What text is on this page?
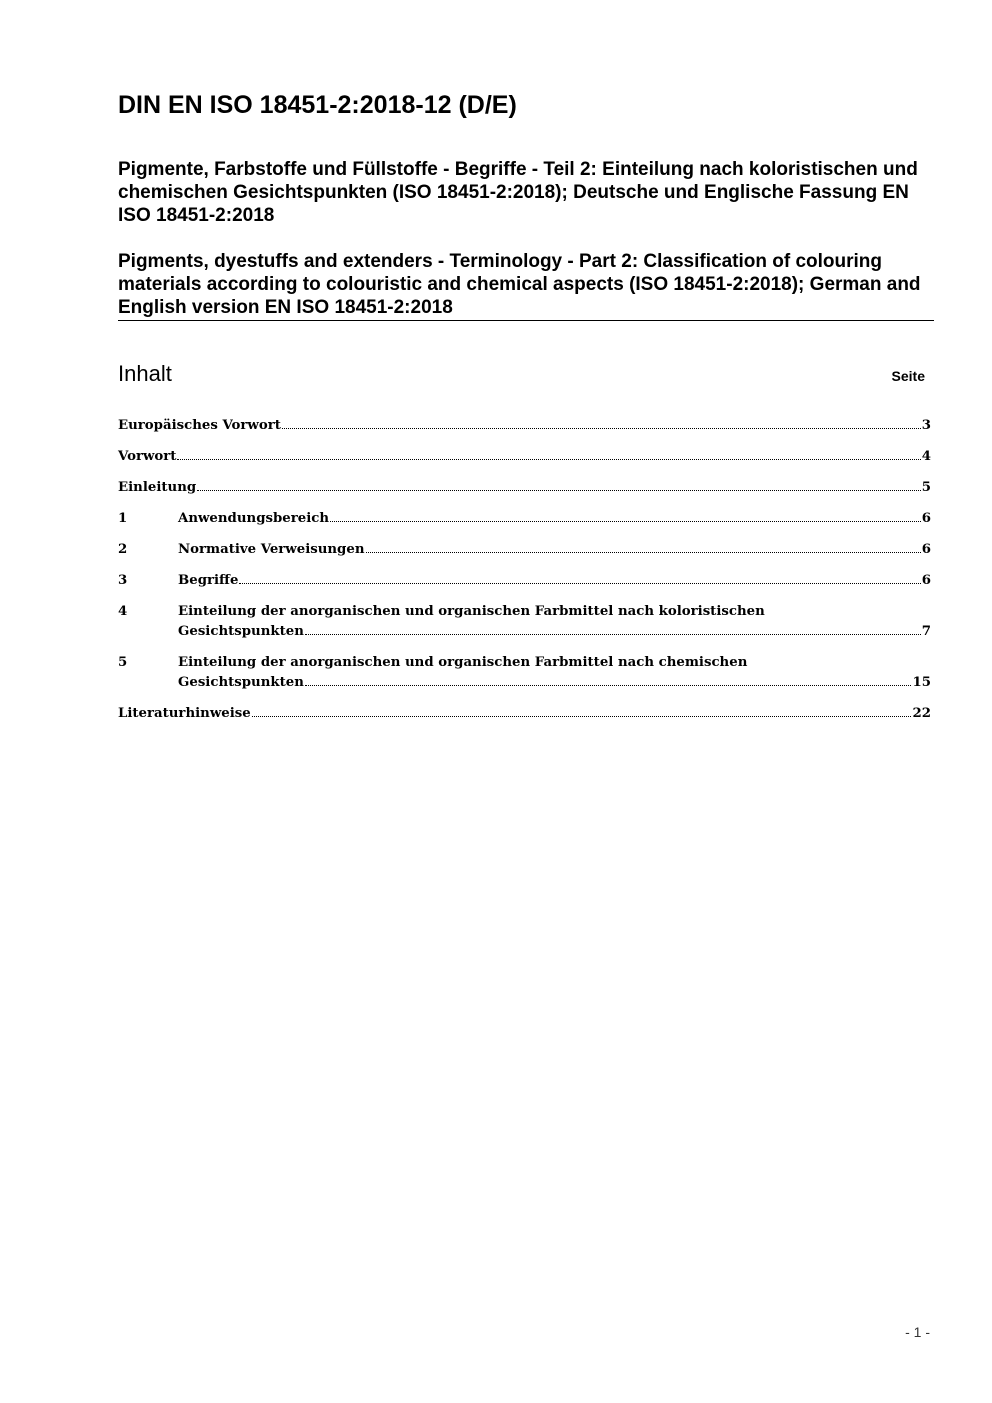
DIN EN ISO 18451-2:2018-12 (D/E)

Pigmente, Farbstoffe und Füllstoffe - Begriffe - Teil 2: Einteilung nach koloristischen und chemischen Gesichtspunkten (ISO 18451-2:2018); Deutsche und Englische Fassung EN ISO 18451-2:2018

Pigments, dyestuffs and extenders - Terminology - Part 2: Classification of colouring materials according to colouristic and chemical aspects (ISO 18451-2:2018); German and English version EN ISO 18451-2:2018

Inhalt	Seite
Europäisches Vorwort	3
Vorwort	4
Einleitung	5
1	Anwendungsbereich	6
2	Normative Verweisungen	6
3	Begriffe	6
4	Einteilung der anorganischen und organischen Farbmittel nach koloristischen
Gesichtspunkten	7
5	Einteilung der anorganischen und organischen Farbmittel nach chemischen
Gesichtspunkten	15
Literaturhinweise	22
- 1 -
